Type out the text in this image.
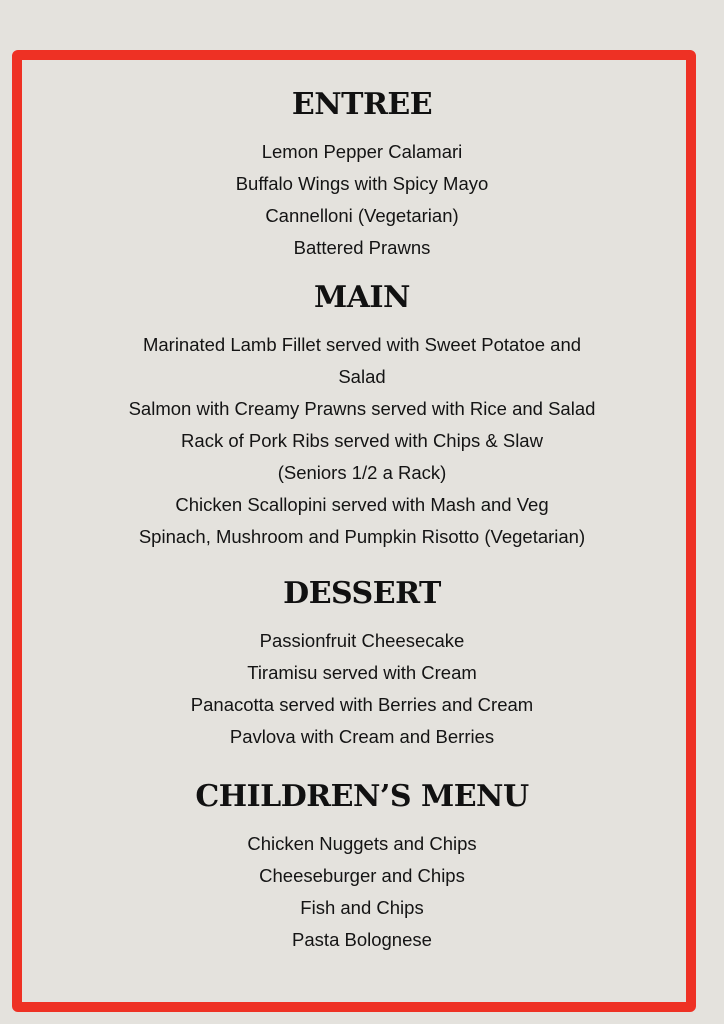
ENTREE
Lemon Pepper Calamari
Buffalo Wings with Spicy Mayo
Cannelloni (Vegetarian)
Battered Prawns
MAIN
Marinated Lamb Fillet served with Sweet Potatoe and
Salad
Salmon with Creamy Prawns served with Rice and Salad
Rack of Pork Ribs served with Chips & Slaw
(Seniors 1/2 a Rack)
Chicken Scallopini served with Mash and Veg
Spinach, Mushroom and Pumpkin Risotto (Vegetarian)
DESSERT
Passionfruit Cheesecake
Tiramisu served with Cream
Panacotta served with Berries and Cream
Pavlova with Cream and Berries
CHILDREN’S MENU
Chicken Nuggets and Chips
Cheeseburger and Chips
Fish and Chips
Pasta Bolognese
